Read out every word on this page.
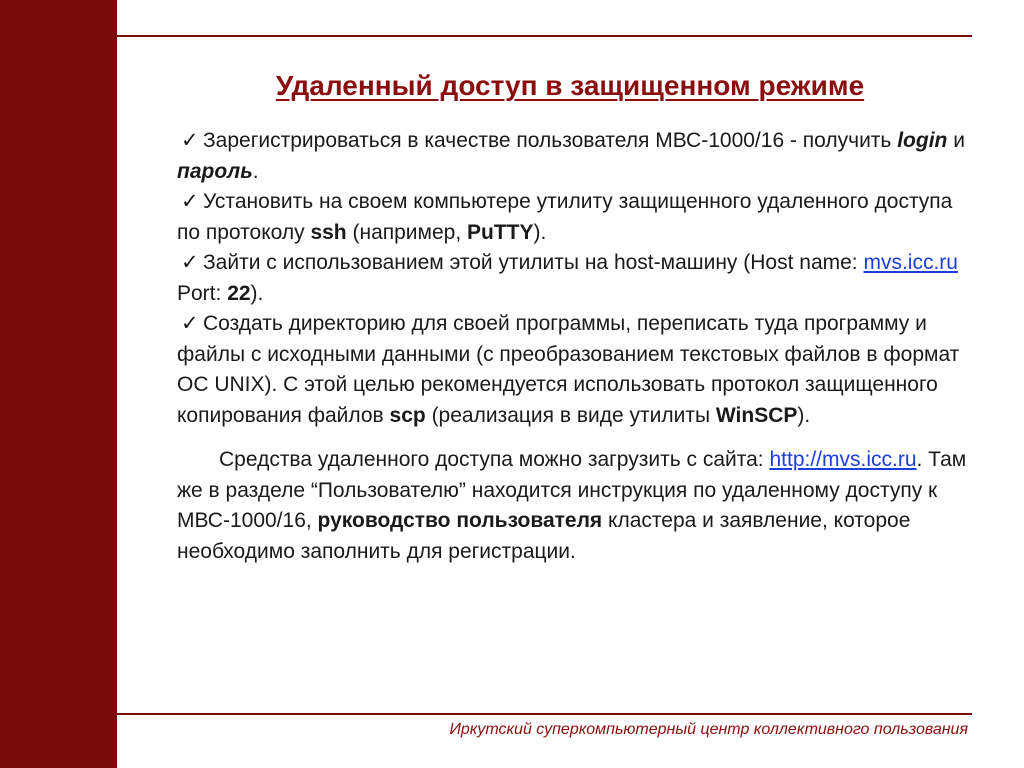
Удаленный доступ в защищенном режиме

✓ Зарегистрироваться в качестве пользователя МВС-1000/16 - получить login и пароль.

✓ Установить на своем компьютере утилиту защищенного удаленного доступа по протоколу ssh (например, PuTTY).

✓ Зайти с использованием этой утилиты на host-машину (Host name: mvs.icc.ru Port: 22).

✓ Создать директорию для своей программы, переписать туда программу и файлы с исходными данными (с преобразованием текстовых файлов в формат ОС UNIX). С этой целью рекомендуется использовать протокол защищенного копирования файлов scp (реализация в виде утилиты WinSCP).

Средства удаленного доступа можно загрузить с сайта: http://mvs.icc.ru. Там же в разделе “Пользователю” находится инструкция по удаленному доступу к МВС-1000/16, руководство пользователя кластера и заявление, которое необходимо заполнить для регистрации.

Иркутский суперкомпьютерный центр коллективного пользования
